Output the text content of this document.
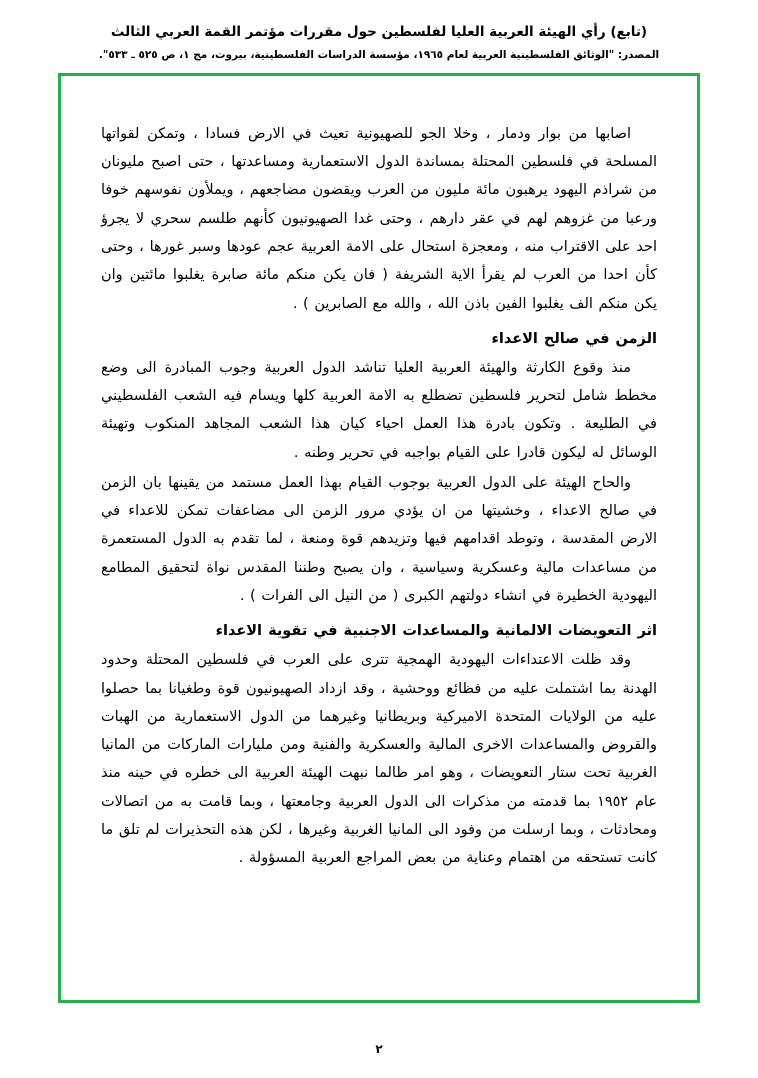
(تابع) رأي الهيئة العربية العليا لفلسطين حول مقررات مؤتمر القمة العربي الثالث
المصدر: "الوثائق الفلسطينية العربية لعام ١٩٦٥، مؤسسة الدراسات الفلسطينية، بيروت، مج ١، ص ٥٢٥ ـ ٥٣٣".

اصابها من بوار ودمار ، وخلا الجو للصهيونية تعيث في الارض فسادا ، وتمكن لقواتها المسلحة في فلسطين المحتلة بمساندة الدول الاستعمارية ومساعدتها ، حتى اصبح مليونان من شراذم اليهود يرهبون مائة مليون من العرب ويقضون مضاجعهم ، ويملأون نفوسهم خوفا ورعبا من غزوهم لهم في عقر دارهم ، وحتى غدا الصهيونيون كأنهم طلسم سحري لا يجرؤ احد على الاقتراب منه ، ومعجزة استحال على الامة العربية عجم عودها وسبر غورها ، وحتى كأن احدا من العرب لم يقرأ الاية الشريفة ( فان يكن منكم مائة صابرة يغلبوا مائتين وان يكن منكم الف يغلبوا الفين باذن الله ، والله مع الصابرين ) .

الزمن في صالح الاعداء

منذ وقوع الكارثة والهيئة العربية العليا تناشد الدول العربية وجوب المبادرة الى وضع مخطط شامل لتحرير فلسطين تضطلع به الامة العربية كلها ويسام فيه الشعب الفلسطيني في الطليعة . وتكون بادرة هذا العمل احياء كيان هذا الشعب المجاهد المنكوب وتهيئة الوسائل له ليكون قادرا على القيام بواجبه في تحرير وطنه .

والحاح الهيئة على الدول العربية بوجوب القيام بهذا العمل مستمد من يقينها بان الزمن في صالح الاعداء ، وخشيتها من ان يؤدي مرور الزمن الى مضاعفات تمكن للاعداء في الارض المقدسة ، وتوطد اقدامهم فيها وتزيدهم قوة ومنعة ، لما تقدم به الدول المستعمرة من مساعدات مالية وعسكرية وسياسية ، وان يصبح وطننا المقدس نواة لتحقيق المطامع اليهودية الخطيرة في انشاء دولتهم الكبرى ( من النيل الى الفرات ) .

اثر التعويضات الالمانية والمساعدات الاجنبية في تقوية الاعداء

وقد ظلت الاعتداءات اليهودية الهمجية تترى على العرب في فلسطين المحتلة وحدود الهدنة بما اشتملت عليه من فظائع ووحشية ، وقد ازداد الصهيونيون قوة وطغيانا بما حصلوا عليه من الولايات المتحدة الاميركية وبريطانيا وغيرهما من الدول الاستعمارية من الهبات والقروض والمساعدات الاخرى المالية والعسكرية والفنية ومن مليارات الماركات من المانيا الغربية تحت ستار التعويضات ، وهو امر طالما نبهت الهيئة العربية الى خطره في حينه منذ عام ١٩٥٢ بما قدمته من مذكرات الى الدول العربية وجامعتها ، وبما قامت به من اتصالات ومحادثات ، وبما ارسلت من وفود الى المانيا الغربية وغيرها ، لكن هذه التحذيرات لم تلق ما كانت تستحقه من اهتمام وعناية من بعض المراجع العربية المسؤولة .

٢
